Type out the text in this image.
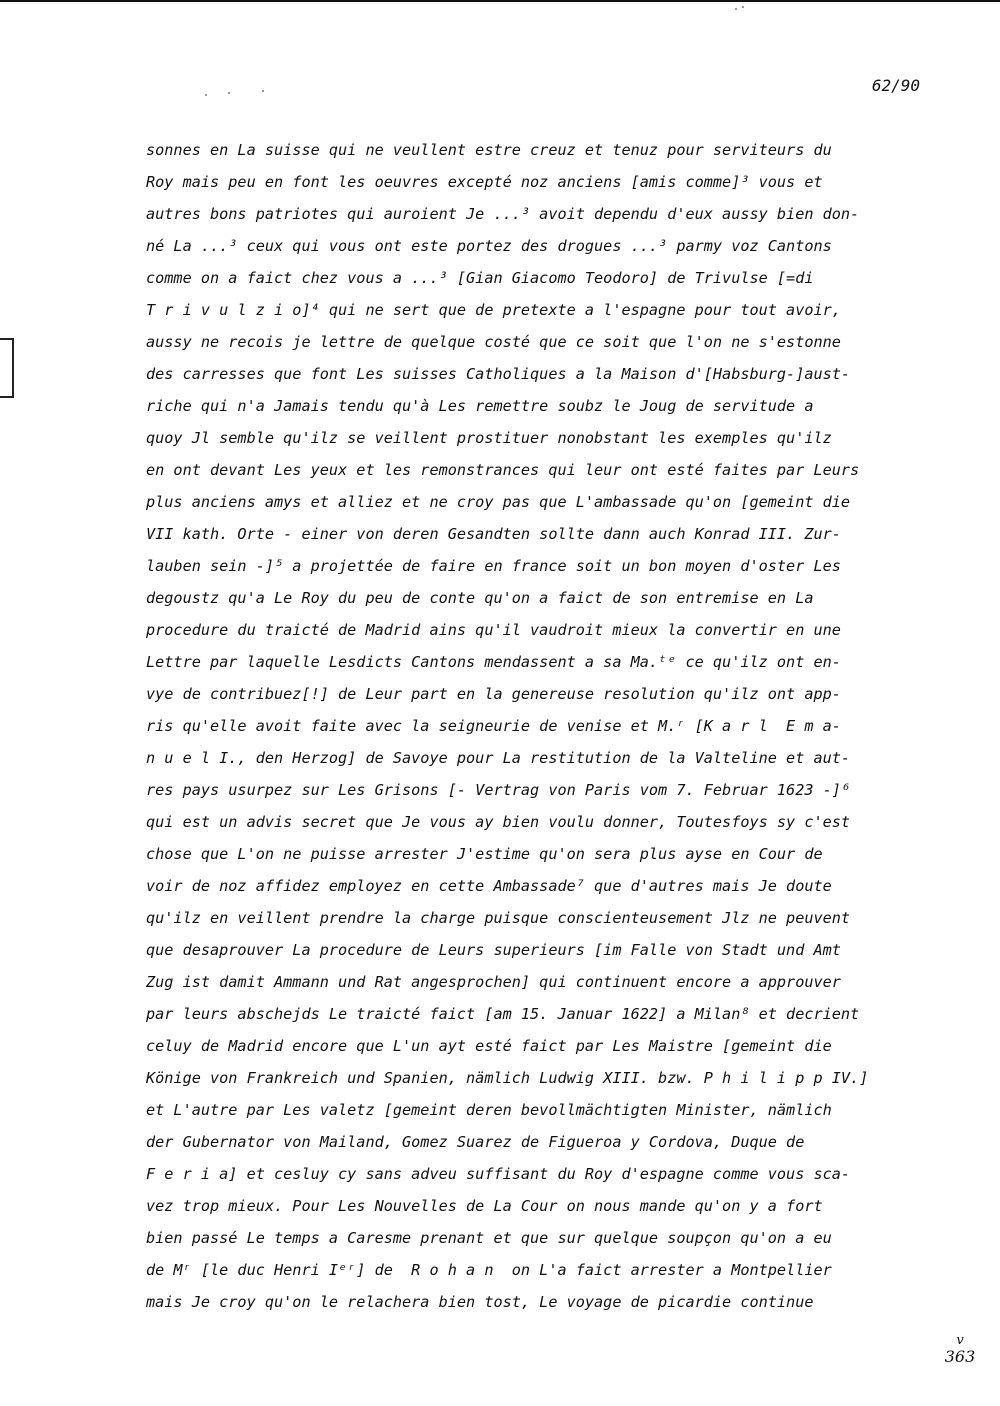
62/90
sonnes en La suisse qui ne veullent estre creuz et tenuz pour serviteurs du
Roy mais peu en font les oeuvres excepté noz anciens [amis comme]³ vous et
autres bons patriotes qui auroient Je ...³ avoit dependu d'eux aussy bien don-
né La ...³ ceux qui vous ont este portez des drogues ...³ parmy voz Cantons
comme on a faict chez vous a ...³ [Gian Giacomo Teodoro] de Trivulse [=di
T r i v u l z i o]⁴ qui ne sert que de pretexte a l'espagne pour tout avoir,
aussy ne recois je lettre de quelque costé que ce soit que l'on ne s'estonne
des carresses que font Les suisses Catholiques a la Maison d'[Habsburg-]aust-
riche qui n'a Jamais tendu qu'à Les remettre soubz le Joug de servitude a
quoy Jl semble qu'ilz se veillent prostituer nonobstant les exemples qu'ilz
en ont devant Les yeux et les remonstrances qui leur ont esté faites par Leurs
plus anciens amys et alliez et ne croy pas que L'ambassade qu'on [gemeint die
VII kath. Orte - einer von deren Gesandten sollte dann auch Konrad III. Zur-
lauben sein -]⁵ a projettée de faire en france soit un bon moyen d'oster Les
degoustz qu'a Le Roy du peu de conte qu'on a faict de son entremise en La
procedure du traicté de Madrid ains qu'il vaudroit mieux la convertir en une
Lettre par laquelle Lesdicts Cantons mendassent a sa Ma.ᵗᵉ ce qu'ilz ont en-
vye de contribuez[!] de Leur part en la genereuse resolution qu'ilz ont app-
ris qu'elle avoit faite avec la seigneurie de venise et M.ʳ [K a r l  E m a-
n u e l I., den Herzog] de Savoye pour La restitution de la Valteline et aut-
res pays usurpez sur Les Grisons [- Vertrag von Paris vom 7. Februar 1623 -]⁶
qui est un advis secret que Je vous ay bien voulu donner, Toutesfoys sy c'est
chose que L'on ne puisse arrester J'estime qu'on sera plus ayse en Cour de
voir de noz affidez employez en cette Ambassade⁷ que d'autres mais Je doute
qu'ilz en veillent prendre la charge puisque conscienteusement Jlz ne peuvent
que desaprouver La procedure de Leurs superieurs [im Falle von Stadt und Amt
Zug ist damit Ammann und Rat angesprochen] qui continuent encore a approuver
par leurs abschejds Le traicté faict [am 15. Januar 1622] a Milan⁸ et decrient
celuy de Madrid encore que L'un ayt esté faict par Les Maistre [gemeint die
Könige von Frankreich und Spanien, nämlich Ludwig XIII. bzw. P h i l i p p IV.]
et L'autre par Les valetz [gemeint deren bevollmächtigten Minister, nämlich
der Gubernator von Mailand, Gomez Suarez de Figueroa y Cordova, Duque de
F e r i a] et cesluy cy sans adveu suffisant du Roy d'espagne comme vous sca-
vez trop mieux. Pour Les Nouvelles de La Cour on nous mande qu'on y a fort
bien passé Le temps a Caresme prenant et que sur quelque soupçon qu'on a eu
de Mʳ [le duc Henri Iᵉʳ] de  R o h a n  on L'a faict arrester a Montpellier
mais Je croy qu'on le relachera bien tost, Le voyage de picardie continue
v
363
